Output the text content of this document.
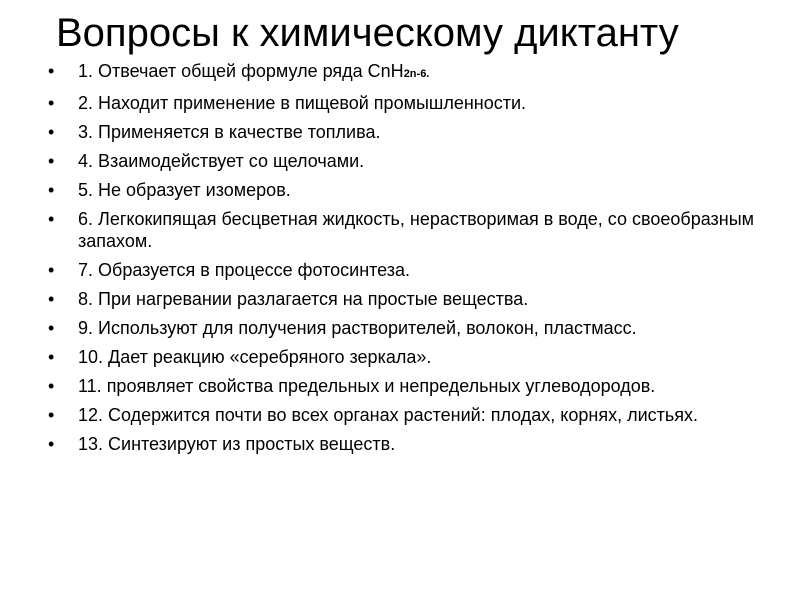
Вопросы к химическому диктанту
•	1. Отвечает общей формуле ряда CnH2n-6.
•	2. Находит применение в пищевой промышленности.
•	3. Применяется в качестве топлива.
•	4. Взаимодействует со щелочами.
•	5. Не образует изомеров.
•	6. Легкокипящая бесцветная жидкость, нерастворимая в воде, со своеобразным запахом.
•	7. Образуется в процессе фотосинтеза.
•	8. При нагревании разлагается на простые вещества.
•	9. Используют для получения растворителей, волокон, пластмасс.
•	10. Дает реакцию «серебряного зеркала».
•	11. проявляет свойства предельных и непредельных углеводородов.
•	12. Содержится почти во всех органах растений: плодах, корнях, листьях.
•	13. Синтезируют из простых веществ.
